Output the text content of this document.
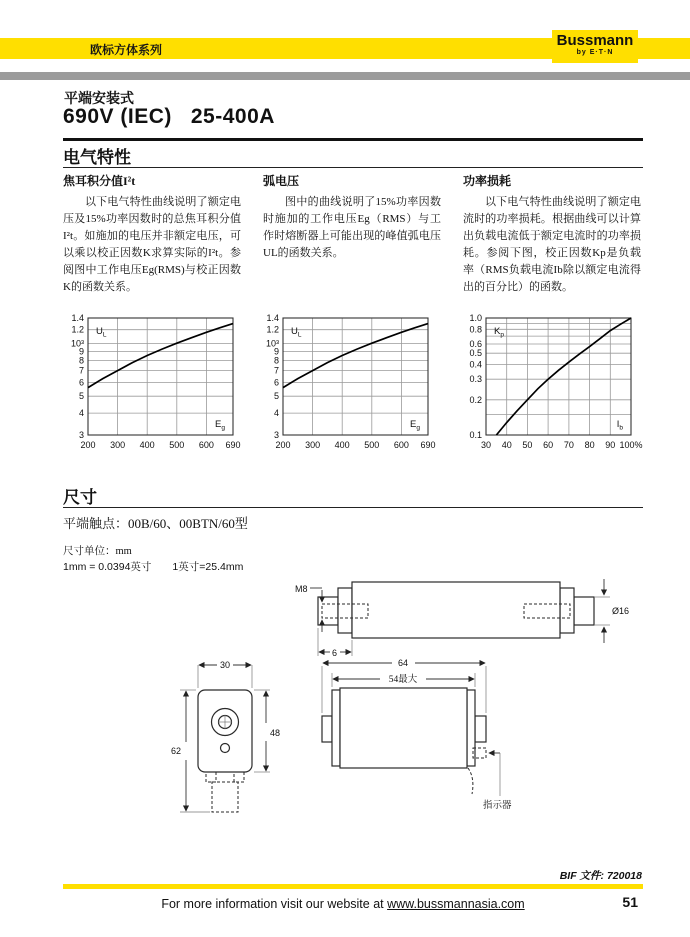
欧标方体系列
Bussmann
by E·T·N
平端安装式
690V (IEC)   25-400A
电气特性
焦耳积分值I²t

以下电气特性曲线说明了额定电压及15%功率因数时的总焦耳积分值I²t。如施加的电压并非额定电压，可以乘以校正因数K求算实际的I²t。参阅图中工作电压Eg(RMS)与校正因数K的函数关系。

弧电压

图中的曲线说明了15%功率因数时施加的工作电压Eg（RMS）与工作时熔断器上可能出现的峰值弧电压UL的函数关系。

功率损耗

以下电气特性曲线说明了额定电流时的功率损耗。根据曲线可以计算出负载电流低于额定电流时的功率损耗。参阅下图，校正因数Kp是负载率（RMS负载电流Ib除以额定电流得出的百分比）的函数。

1.4
1.2
10³
9
8
7
6
5
4
3
200 300 400 500 600 690
$U_L$
$E_g$
1.4
1.2
10³
9
8
7
6
5
4
3
200 300 400 500 600 690
$U_L$
$E_g$
1.0
0.8
0.6
0.5
0.4
0.3
0.2
0.1
30 40 50 60 70 80 90 100%
$K_p$
$I_b$
尺寸
平端触点：00B/60、00BTN/60型
尺寸单位：mm
1mm = 0.0394英寸　　1英寸=25.4mm
M8
Ø16
6
30
62
48
64
54最大
指示器
BIF 文件: 720018
For more information visit our website at www.bussmannasia.com	51
